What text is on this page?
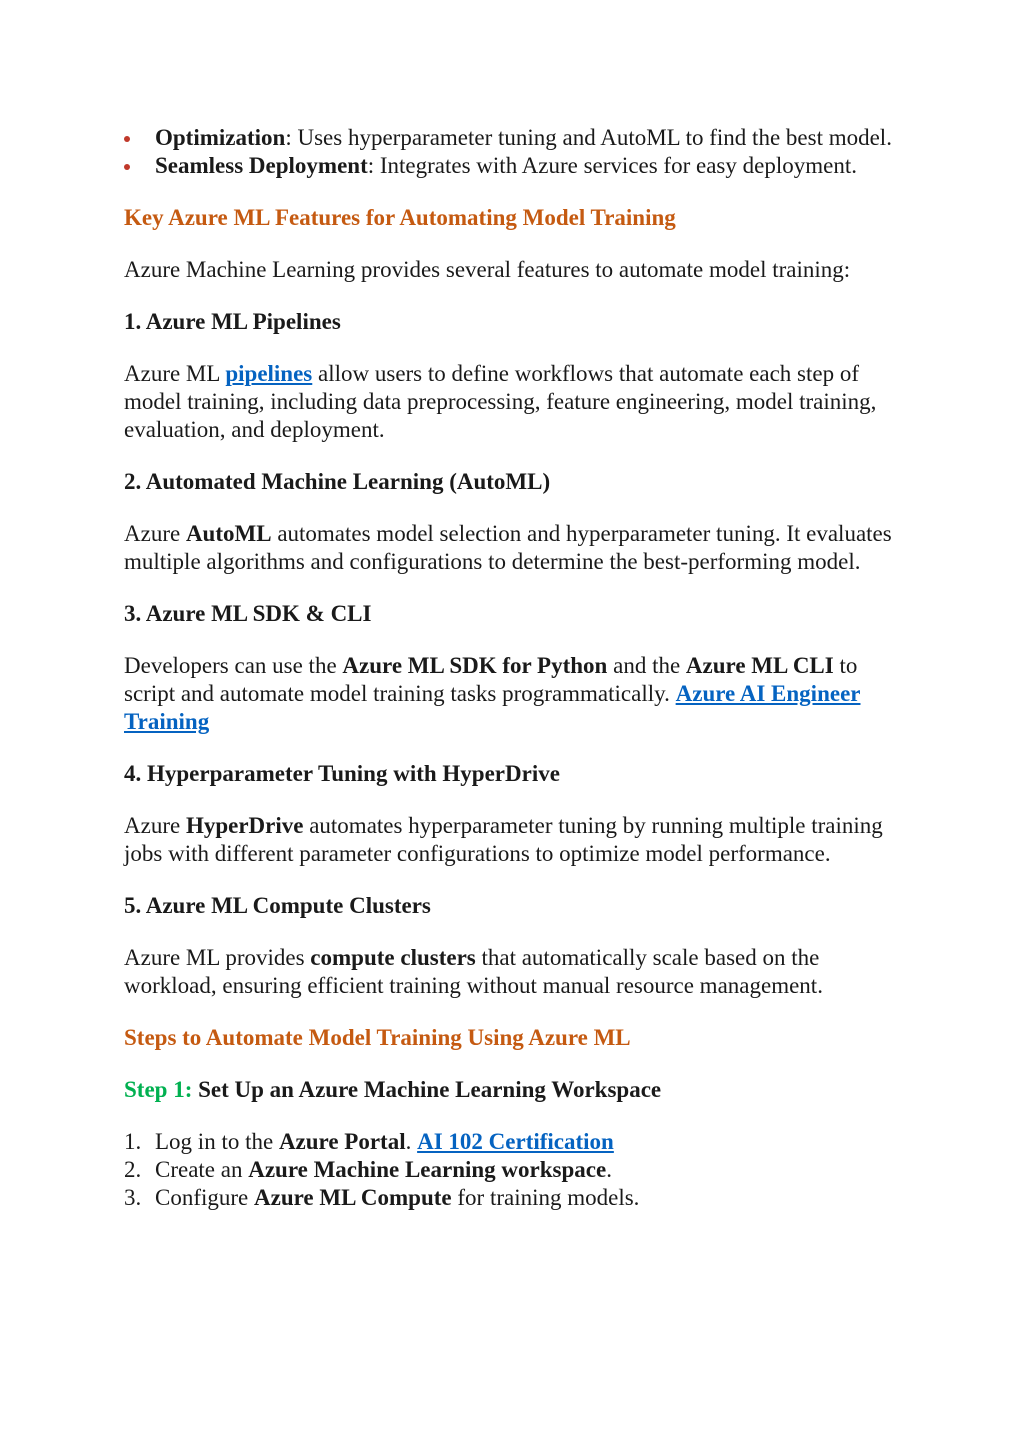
Optimization: Uses hyperparameter tuning and AutoML to find the best model.
Seamless Deployment: Integrates with Azure services for easy deployment.

Key Azure ML Features for Automating Model Training

Azure Machine Learning provides several features to automate model training:

1. Azure ML Pipelines

Azure ML pipelines allow users to define workflows that automate each step of model training, including data preprocessing, feature engineering, model training, evaluation, and deployment.

2. Automated Machine Learning (AutoML)

Azure AutoML automates model selection and hyperparameter tuning. It evaluates multiple algorithms and configurations to determine the best-performing model.

3. Azure ML SDK & CLI

Developers can use the Azure ML SDK for Python and the Azure ML CLI to script and automate model training tasks programmatically. Azure AI Engineer Training

4. Hyperparameter Tuning with HyperDrive

Azure HyperDrive automates hyperparameter tuning by running multiple training jobs with different parameter configurations to optimize model performance.

5. Azure ML Compute Clusters

Azure ML provides compute clusters that automatically scale based on the workload, ensuring efficient training without manual resource management.

Steps to Automate Model Training Using Azure ML

Step 1: Set Up an Azure Machine Learning Workspace

1. Log in to the Azure Portal. AI 102 Certification
2. Create an Azure Machine Learning workspace.
3. Configure Azure ML Compute for training models.
